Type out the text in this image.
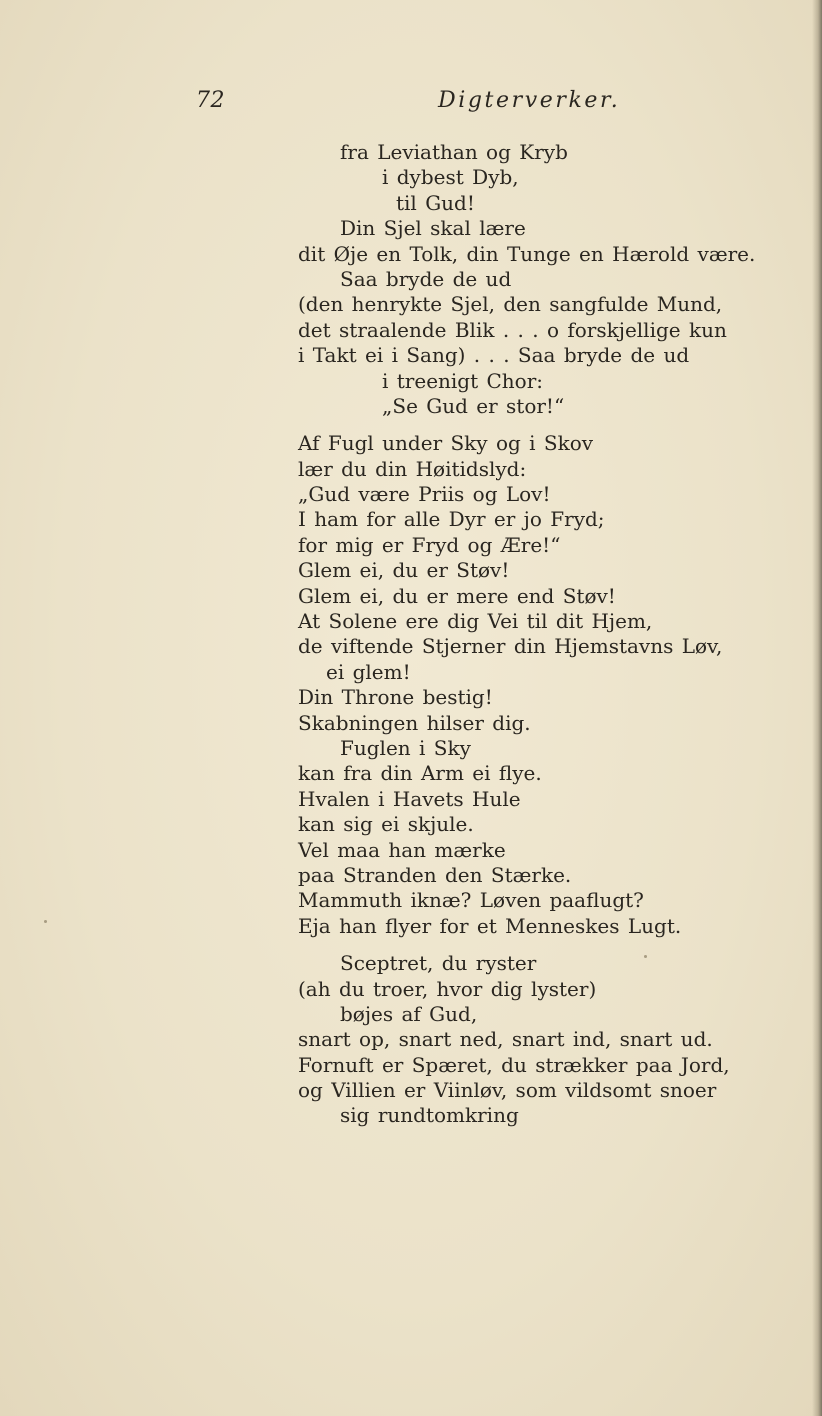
72	Digterverker.
fra Leviathan og Kryb
i dybest Dyb,
til Gud!
Din Sjel skal lære
dit Øje en Tolk, din Tunge en Hærold være.
Saa bryde de ud
(den henrykte Sjel, den sangfulde Mund,
det straalende Blik . . . o forskjellige kun
i Takt ei i Sang) . . . Saa bryde de ud
i treenigt Chor:
„Se Gud er stor!“
Af Fugl under Sky og i Skov
lær du din Høitidslyd:
„Gud være Priis og Lov!
I ham for alle Dyr er jo Fryd;
for mig er Fryd og Ære!“
Glem ei, du er Støv!
Glem ei, du er mere end Støv!
At Solene ere dig Vei til dit Hjem,
de viftende Stjerner din Hjemstavns Løv,
ei glem!
Din Throne bestig!
Skabningen hilser dig.
Fuglen i Sky
kan fra din Arm ei flye.
Hvalen i Havets Hule
kan sig ei skjule.
Vel maa han mærke
paa Stranden den Stærke.
Mammuth iknæ? Løven paaflugt?
Eja han flyer for et Menneskes Lugt.
Sceptret, du ryster
(ah du troer, hvor dig lyster)
bøjes af Gud,
snart op, snart ned, snart ind, snart ud.
Fornuft er Spæret, du strækker paa Jord,
og Villien er Viinløv, som vildsomt snoer
sig rundtomkring
